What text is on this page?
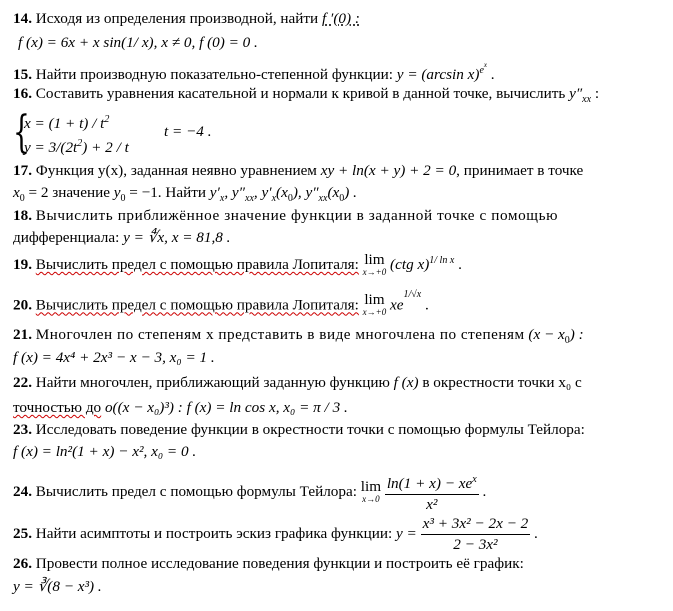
14. Исходя из определения производной, найти f ′(0) :
f (x) = 6x + x sin(1/ x), x ≠ 0, f (0) = 0 .
15. Найти производную показательно-степенной функции: y = (arcsin x)$^{ex}$ .
16. Составить уравнения касательной и нормали к кривой в данной точке, вычислить $y''_{xx}$ :
{
$x = (1 + t) / t^2$
$y = 3/(2t^2) + 2 / t$
t = −4 .
17. Функция y(x), заданная неявно уравнением xy + ln(x + y) + 2 = 0, принимает в точке
$x_0 = 2$ значение $y_0 = -1$. Найти $y'_x$, $y''_{xx}$, $y'_x(x_0)$, $y''_{xx}(x_0)$ .
18. Вычислить приближённое значение функции в заданной точке с помощью
дифференциала: y = ∜x, x = 81,8 .
19. Вычислить предел с помощью правила Лопиталя: lim
x→+0 (ctg x)$^{1/ ln x}$ .
20. Вычислить предел с помощью правила Лопиталя: lim
x→+0 $xe^{1/√x}$ .
21. Многочлен по степеням x представить в виде многочлена по степеням $(x - x_0)$ :
f (x) = 4x⁴ + 2x³ − x − 3, x₀ = 1 .
22. Найти многочлен, приближающий заданную функцию f (x) в окрестности точки x₀ с
точностью до o((x − x₀)³) : f (x) = ln cos x, x₀ = π / 3 .
23. Исследовать поведение функции в окрестности точки с помощью формулы Тейлора:
f (x) = ln²(1 + x) − x², x₀ = 0 .
24. Вычислить предел с помощью формулы Тейлора: lim
x→0
$\frac{\ln(1 + x) - xe^x}{\text{x²}}$ .
25. Найти асимптоты и построить эскиз графика функции: $y = \frac{\text{x³ + 3x² − 2x − 2}}{\text{2 − 3x²}}$ .
26. Провести полное исследование поведения функции и построить её график:
y = ∛(8 − x³) .
